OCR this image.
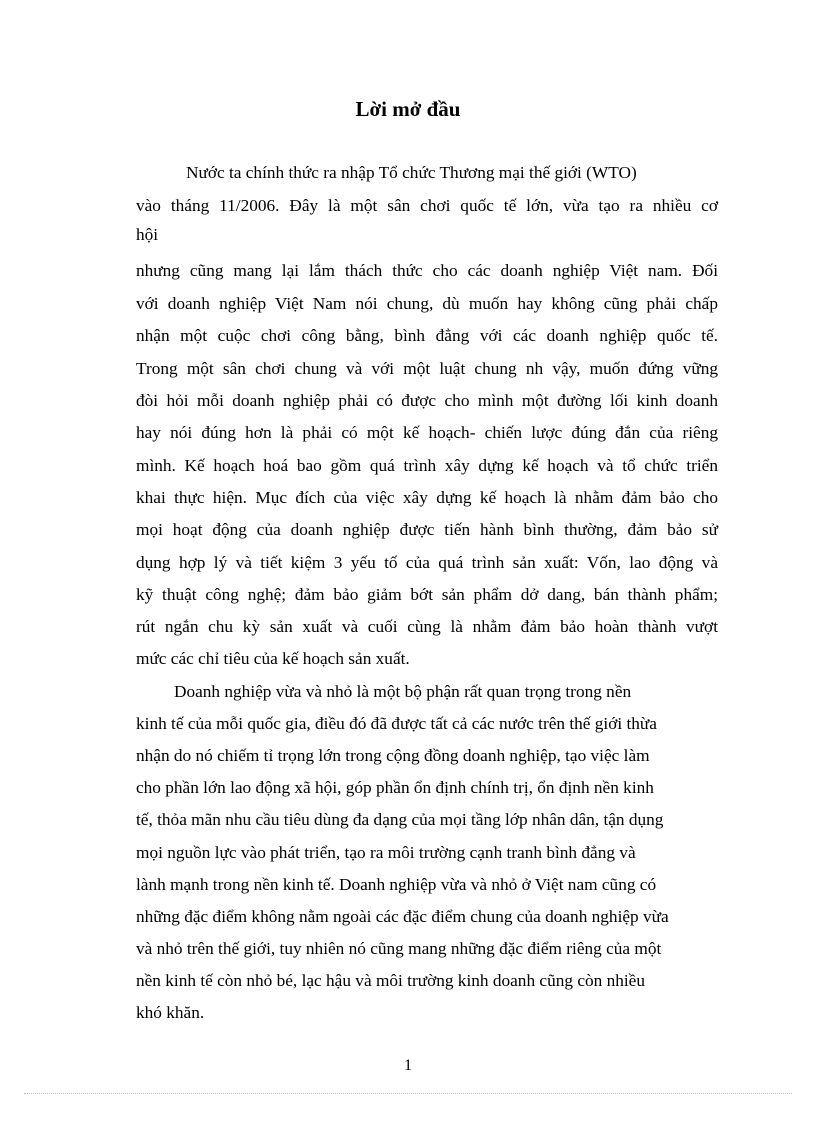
Lời mở đầu
Nước ta chính thức ra nhập Tổ chức Thương mại thế giới (WTO)
vào tháng 11/2006. Đây là một sân chơi quốc tế lớn, vừa tạo ra nhiều cơ
hội
nhưng cũng mang lại lắm thách thức cho các doanh nghiệp Việt nam. Đối
với doanh nghiệp Việt Nam nói chung, dù muốn hay không cũng phải chấp
nhận một cuộc chơi công bằng, bình đẳng với các doanh nghiệp quốc tế.
Trong một sân chơi chung và với một luật chung nh vậy, muốn đứng vững
đòi hỏi mỗi doanh nghiệp phải có được cho mình một đường lối kinh doanh
hay nói đúng hơn là phải có một kế hoạch- chiến lược đúng đắn của riêng
mình. Kế hoạch hoá bao gồm quá trình xây dựng kế hoạch và tổ chức triển
khai thực hiện. Mục đích của việc xây dựng kế hoạch là nhằm đảm bảo cho
mọi hoạt động của doanh nghiệp được tiến hành bình thường, đảm bảo sử
dụng hợp lý và tiết kiệm 3 yếu tố của quá trình sản xuất: Vốn, lao động và
kỹ thuật công nghệ; đảm bảo giảm bớt sản phẩm dở dang, bán thành phẩm;
rút ngắn chu kỳ sản xuất và cuối cùng là nhằm đảm bảo hoàn thành vượt
mức các chỉ tiêu của kế hoạch sản xuất.
Doanh nghiệp vừa và nhỏ là một bộ phận rất quan trọng trong nền
kinh tế của mỗi quốc gia, điều đó đã được tất cả các nước trên thế giới thừa
nhận do nó chiếm tỉ trọng lớn trong cộng đồng doanh nghiệp, tạo việc làm
cho phần lớn lao động xã hội, góp phần ổn định chính trị, ổn định nền kinh
tế, thỏa mãn nhu cầu tiêu dùng đa dạng của mọi tầng lớp nhân dân, tận dụng
mọi nguồn lực vào phát triển, tạo ra môi trường cạnh tranh bình đẳng và
lành mạnh trong nền kinh tế. Doanh nghiệp vừa và nhỏ ở Việt nam cũng có
những đặc điểm không nằm ngoài các đặc điểm chung của doanh nghiệp vừa
và nhỏ trên thế giới, tuy nhiên nó cũng mang những đặc điểm riêng của một
nền kinh tế còn nhỏ bé, lạc hậu và môi trường kinh doanh cũng còn nhiều
khó khăn.
1
